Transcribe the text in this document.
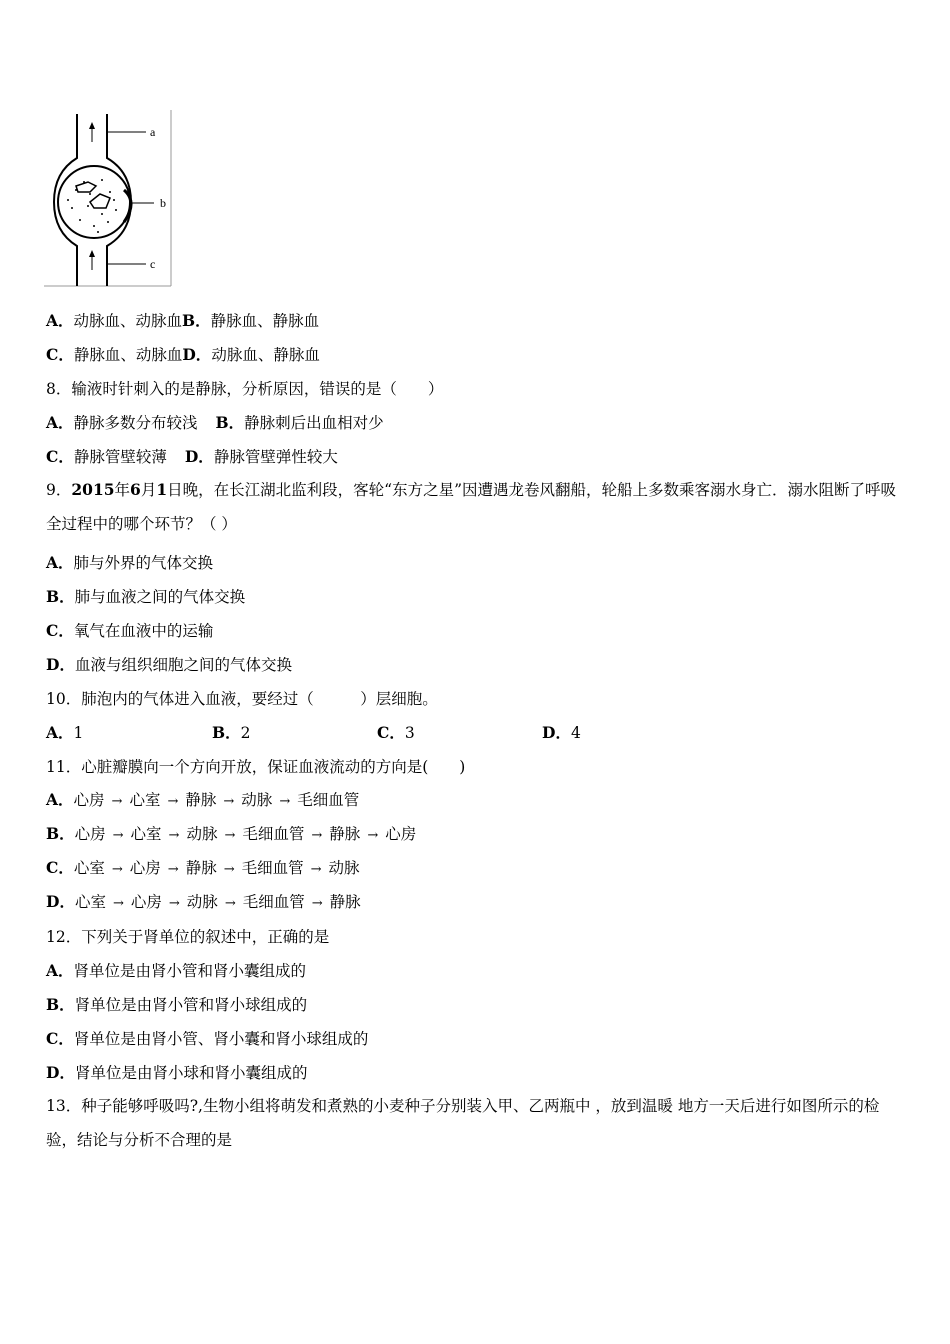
a
b
c
A．动脉血、动脉血B．静脉血、静脉血
C．静脉血、动脉血D．动脉血、静脉血
8．输液时针刺入的是静脉，分析原因，错误的是（　　）
A．静脉多数分布较浅 B．静脉刺后出血相对少
C．静脉管壁较薄 D．静脉管壁弹性较大
9．2015年6月1日晚，在长江湖北监利段，客轮“东方之星”因遭遇龙卷风翻船，轮船上多数乘客溺水身亡．溺水阻断了呼吸全过程中的哪个环节？（ ）
A．肺与外界的气体交换
B．肺与血液之间的气体交换
C．氧气在血液中的运输
D．血液与组织细胞之间的气体交换
10．肺泡内的气体进入血液，要经过（　　　）层细胞。
A．1	B．2	C．3	D．4
11．心脏瓣膜向一个方向开放，保证血液流动的方向是(　　)
A．心房 → 心室 → 静脉 → 动脉 → 毛细血管
B．心房 → 心室 → 动脉 → 毛细血管 → 静脉 → 心房
C．心室 → 心房 → 静脉 → 毛细血管 → 动脉
D．心室 → 心房 → 动脉 → 毛细血管 → 静脉
12．下列关于肾单位的叙述中，正确的是
A．肾单位是由肾小管和肾小囊组成的
B．肾单位是由肾小管和肾小球组成的
C．肾单位是由肾小管、肾小囊和肾小球组成的
D．肾单位是由肾小球和肾小囊组成的
13．种子能够呼吸吗?,生物小组将萌发和煮熟的小麦种子分别装入甲、乙两瓶中 ，放到温暖 地方一天后进行如图所示的检验，结论与分析不合理的是
